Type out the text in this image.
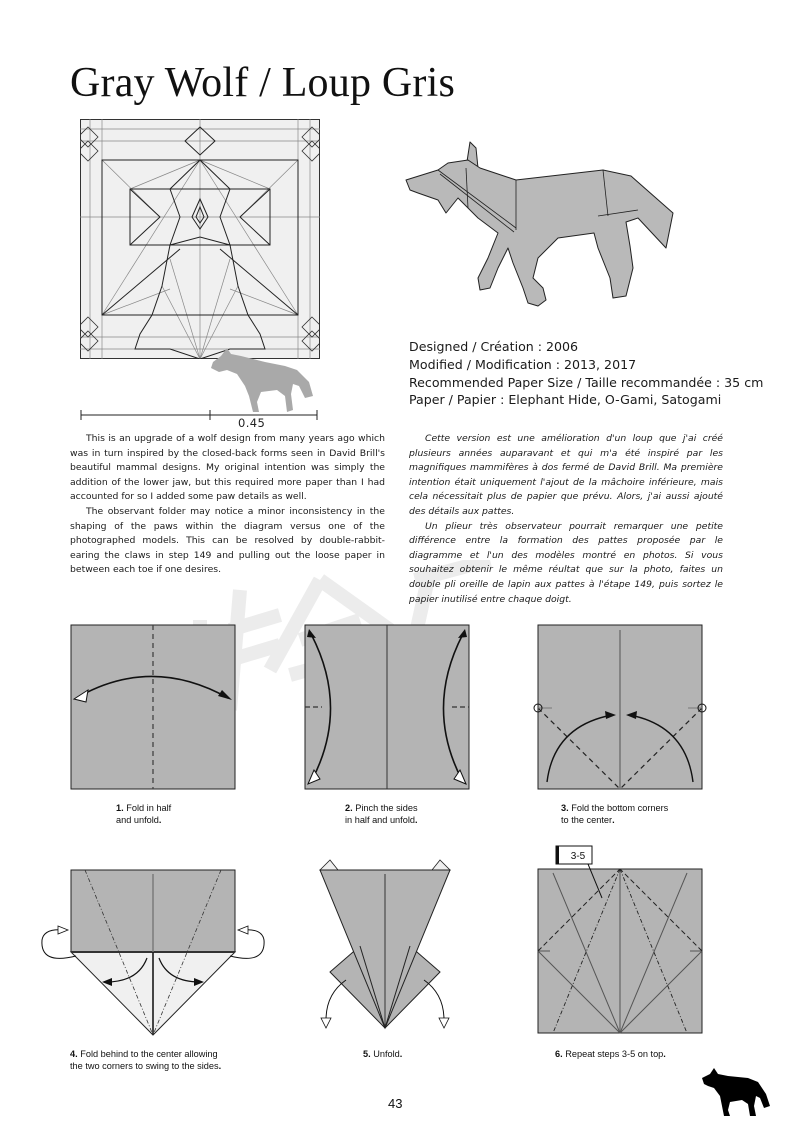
Gray Wolf / Loup Gris
Designed / Création : 2006
Modified / Modification : 2013, 2017
Recommended Paper Size / Taille recommandée : 35 cm
Paper / Papier : Elephant Hide, O-Gami, Satogami
0.45

This is an upgrade of a wolf design from many years ago which was in turn inspired by the closed-back forms seen in David Brill's beautiful mammal designs. My original intention was simply the addition of the lower jaw, but this required more paper than I had accounted for so I added some paw details as well.

The observant folder may notice a minor inconsistency in the shaping of the paws within the diagram versus one of the photographed models. This can be resolved by double-rabbit-earing the claws in step 149 and pulling out the loose paper in between each toe if one desires.

Cette version est une amélioration d'un loup que j'ai créé plusieurs années auparavant et qui m'a été inspiré par les magnifiques mammifères à dos fermé de David Brill. Ma première intention était uniquement l'ajout de la mâchoire inférieure, mais cela nécessitait plus de papier que prévu. Alors, j'ai aussi ajouté des détails aux pattes.

Un plieur très observateur pourrait remarquer une petite différence entre la formation des pattes proposée par le diagramme et l'un des modèles montré en photos. Si vous souhaitez obtenir le même réultat que sur la photo, faites un double pli oreille de lapin aux pattes à l'étape 149, puis sortez le papier inutilisé entre chaque doigt.

1. Fold in half
and unfold.
2. Pinch the sides
in half and unfold.
3. Fold the bottom corners
to the center.
4. Fold behind to the center allowing
the two corners to swing to the sides.
5. Unfold.
3-5
6. Repeat steps 3-5 on top.
43
